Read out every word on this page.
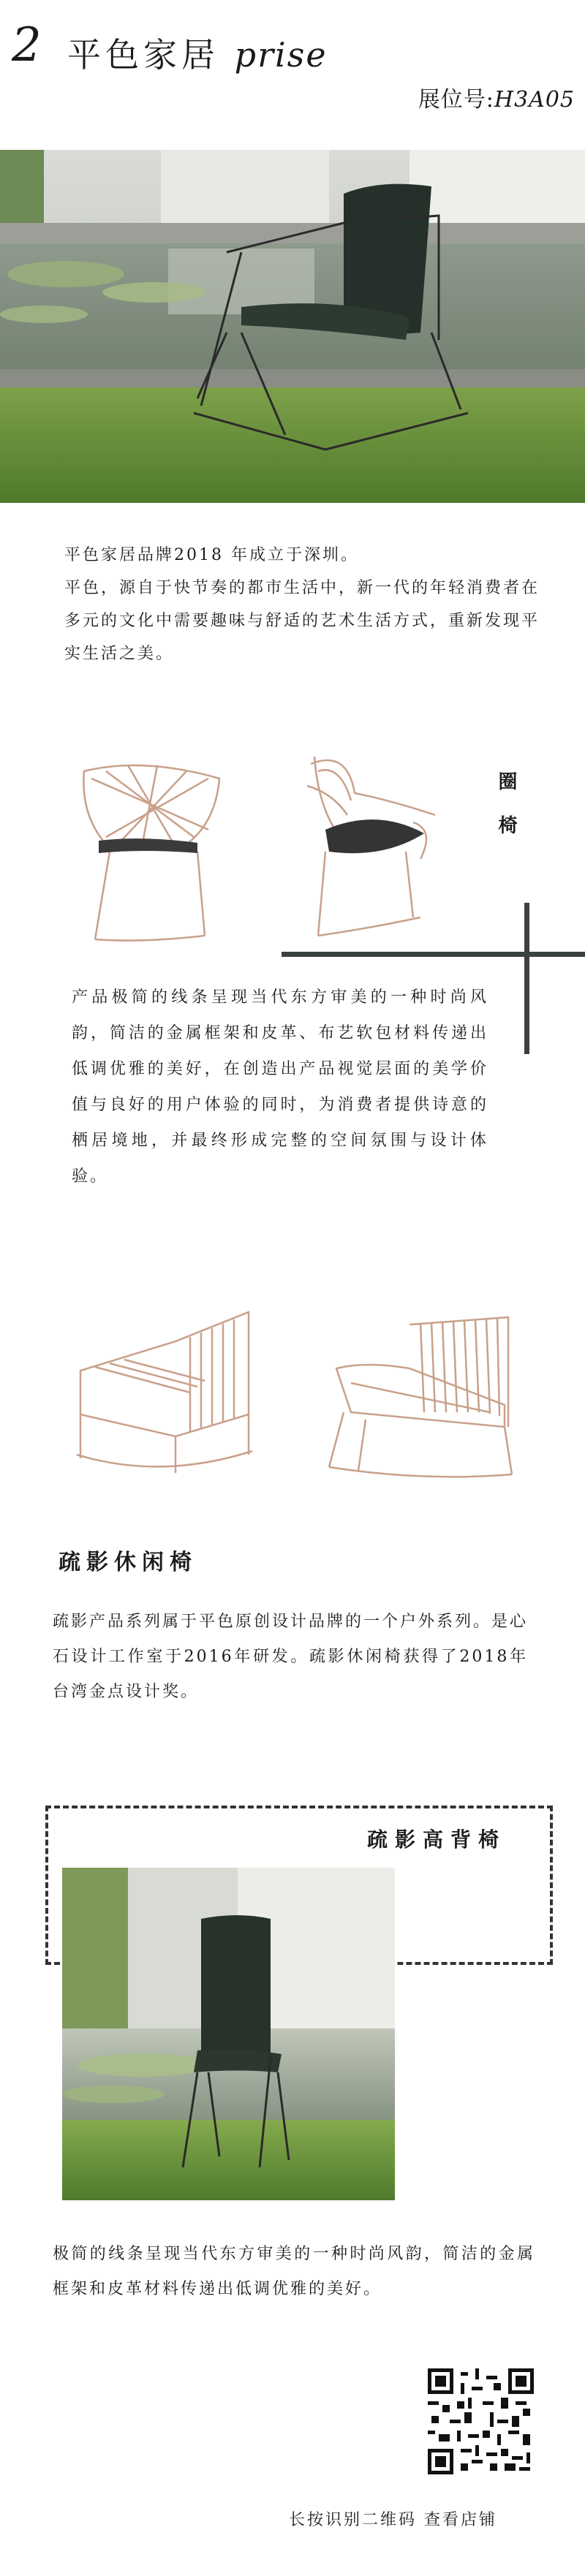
2 平色家居 prise
展位号:H3A05
平色家居品牌2018 年成立于深圳。
平色，源自于快节奏的都市生活中，新一代的年轻消费者在多元的文化中需要趣味与舒适的艺术生活方式，重新发现平实生活之美。
圈椅
产品极简的线条呈现当代东方审美的一种时尚风韵，简洁的金属框架和皮革、布艺软包材料传递出低调优雅的美好，在创造出产品视觉层面的美学价值与良好的用户体验的同时，为消费者提供诗意的栖居境地，并最终形成完整的空间氛围与设计体验。
疏影休闲椅
疏影产品系列属于平色原创设计品牌的一个户外系列。是心石设计工作室于2016年研发。疏影休闲椅获得了2018年台湾金点设计奖。
疏影高背椅
极简的线条呈现当代东方审美的一种时尚风韵，简洁的金属框架和皮革材料传递出低调优雅的美好。
长按识别二维码 查看店铺
